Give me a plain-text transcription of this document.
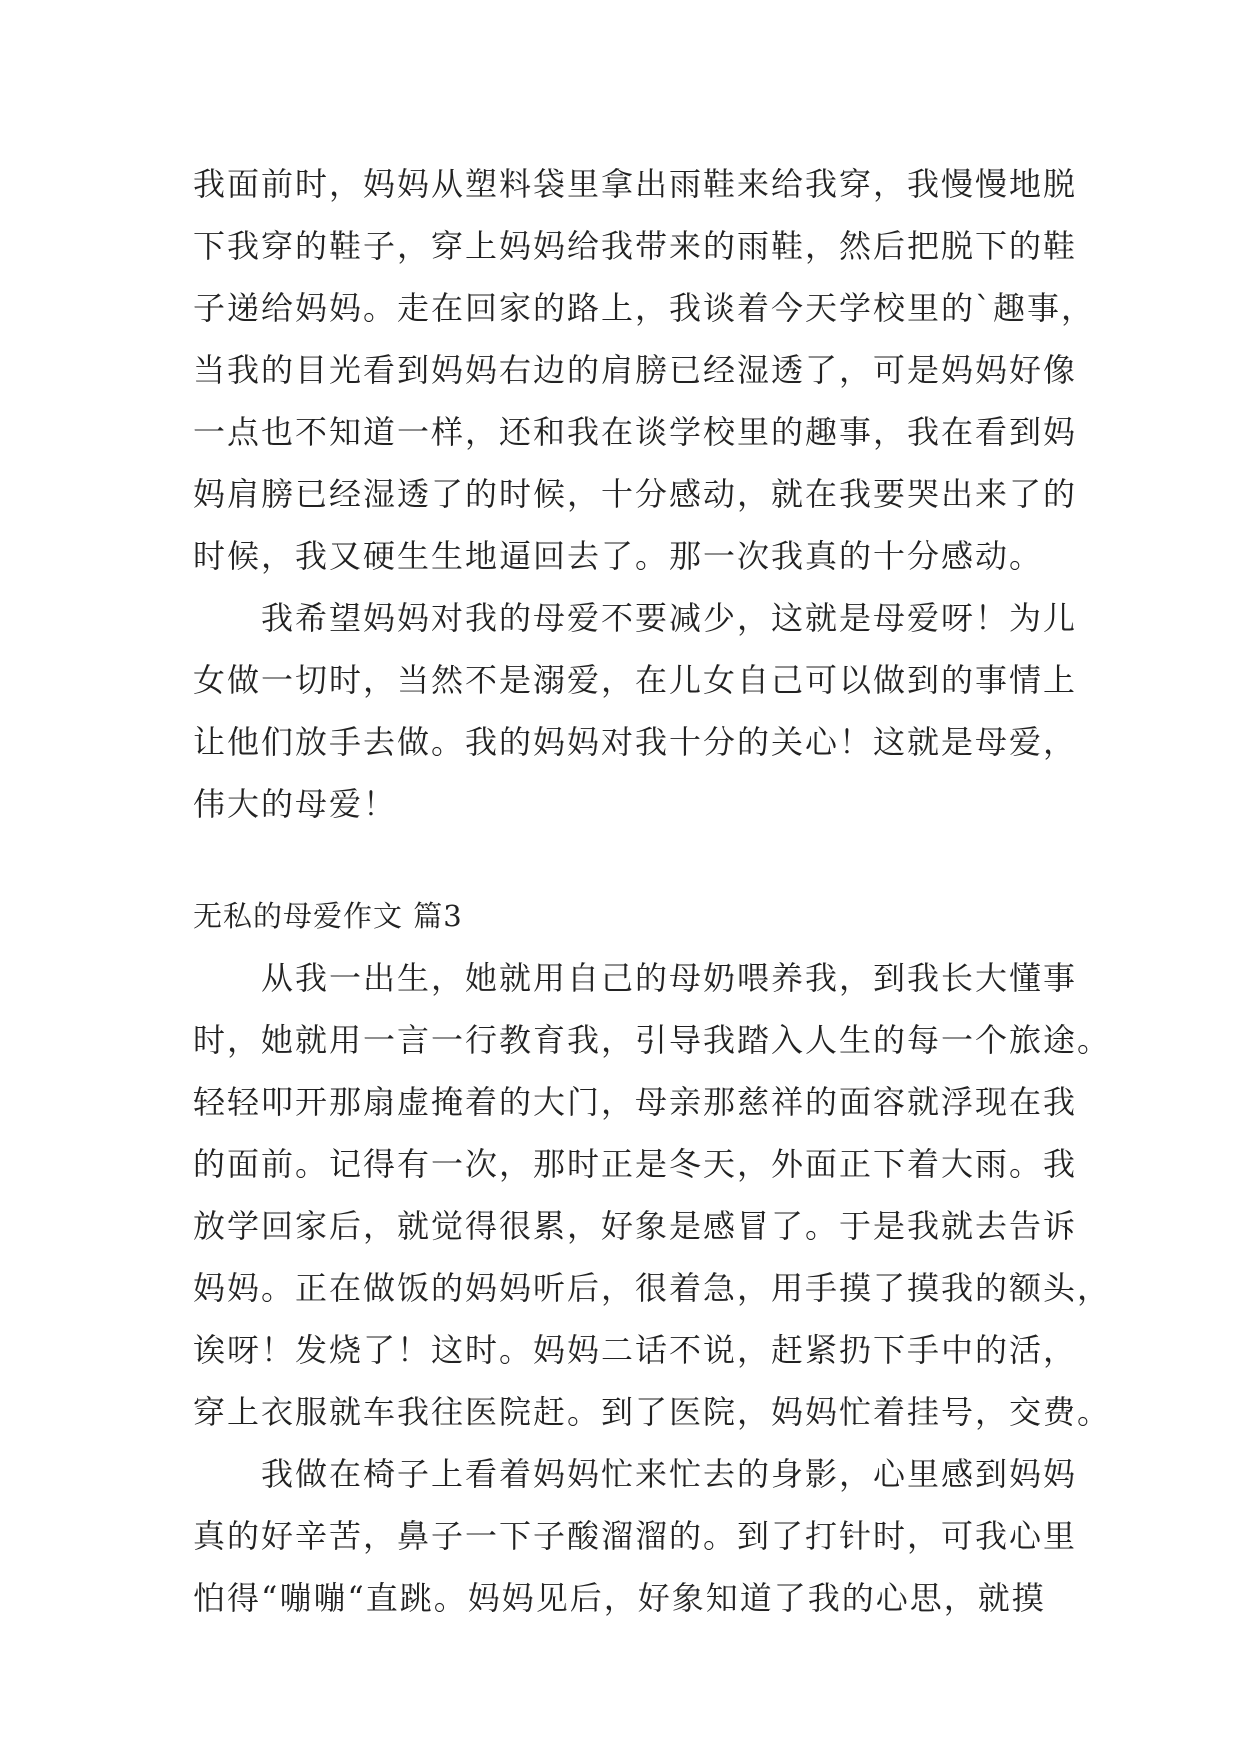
我面前时，妈妈从塑料袋里拿出雨鞋来给我穿，我慢慢地脱
下我穿的鞋子，穿上妈妈给我带来的雨鞋，然后把脱下的鞋
子递给妈妈。走在回家的路上，我谈着今天学校里的`趣事，
当我的目光看到妈妈右边的肩膀已经湿透了，可是妈妈好像
一点也不知道一样，还和我在谈学校里的趣事，我在看到妈
妈肩膀已经湿透了的时候，十分感动，就在我要哭出来了的
时候，我又硬生生地逼回去了。那一次我真的十分感动。
　　我希望妈妈对我的母爱不要减少，这就是母爱呀！为儿
女做一切时，当然不是溺爱，在儿女自己可以做到的事情上
让他们放手去做。我的妈妈对我十分的关心！这就是母爱，
伟大的母爱！
无私的母爱作文 篇3
　　从我一出生，她就用自己的母奶喂养我，到我长大懂事
时，她就用一言一行教育我，引导我踏入人生的每一个旅途。
轻轻叩开那扇虚掩着的大门，母亲那慈祥的面容就浮现在我
的面前。记得有一次，那时正是冬天，外面正下着大雨。我
放学回家后，就觉得很累，好象是感冒了。于是我就去告诉
妈妈。正在做饭的妈妈听后，很着急，用手摸了摸我的额头，
诶呀！发烧了！这时。妈妈二话不说，赶紧扔下手中的活，
穿上衣服就车我往医院赶。到了医院，妈妈忙着挂号，交费。
　　我做在椅子上看着妈妈忙来忙去的身影，心里感到妈妈
真的好辛苦，鼻子一下子酸溜溜的。到了打针时，可我心里
怕得“嘣嘣“直跳。妈妈见后，好象知道了我的心思，就摸
